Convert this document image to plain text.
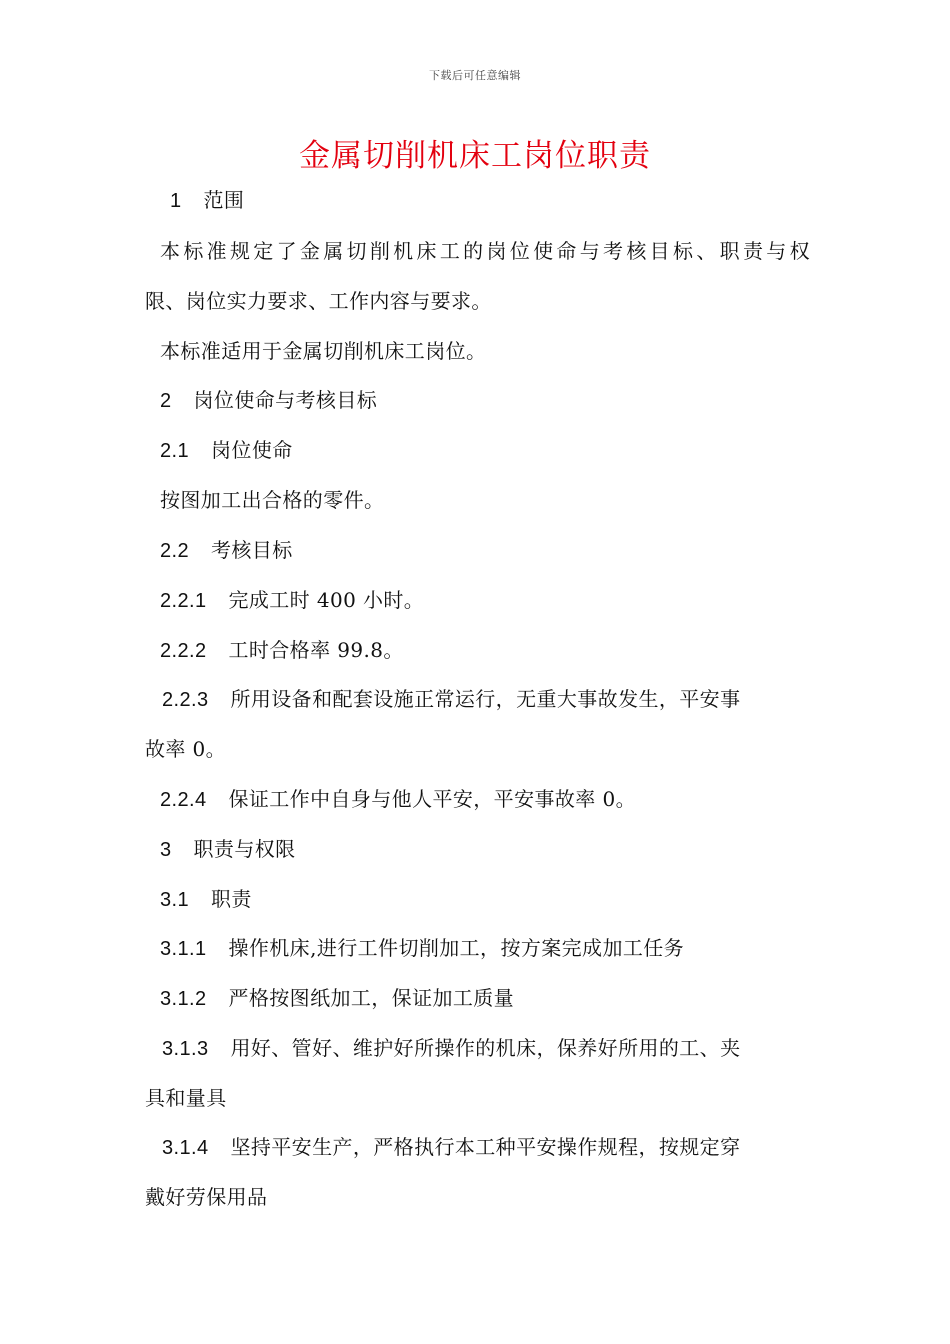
下载后可任意编辑
金属切削机床工岗位职责
1 范围
本标准规定了金属切削机床工的岗位使命与考核目标、职责与权
限、岗位实力要求、工作内容与要求。
本标准适用于金属切削机床工岗位。
2 岗位使命与考核目标
2.1 岗位使命
按图加工出合格的零件。
2.2 考核目标
2.2.1 完成工时 400 小时。
2.2.2 工时合格率 99.8。
2.2.3 所用设备和配套设施正常运行，无重大事故发生，平安事
故率 0。
2.2.4 保证工作中自身与他人平安，平安事故率 0。
3 职责与权限
3.1 职责
3.1.1 操作机床,进行工件切削加工，按方案完成加工任务
3.1.2 严格按图纸加工，保证加工质量
3.1.3 用好、管好、维护好所操作的机床，保养好所用的工、夹
具和量具
3.1.4 坚持平安生产，严格执行本工种平安操作规程，按规定穿
戴好劳保用品
